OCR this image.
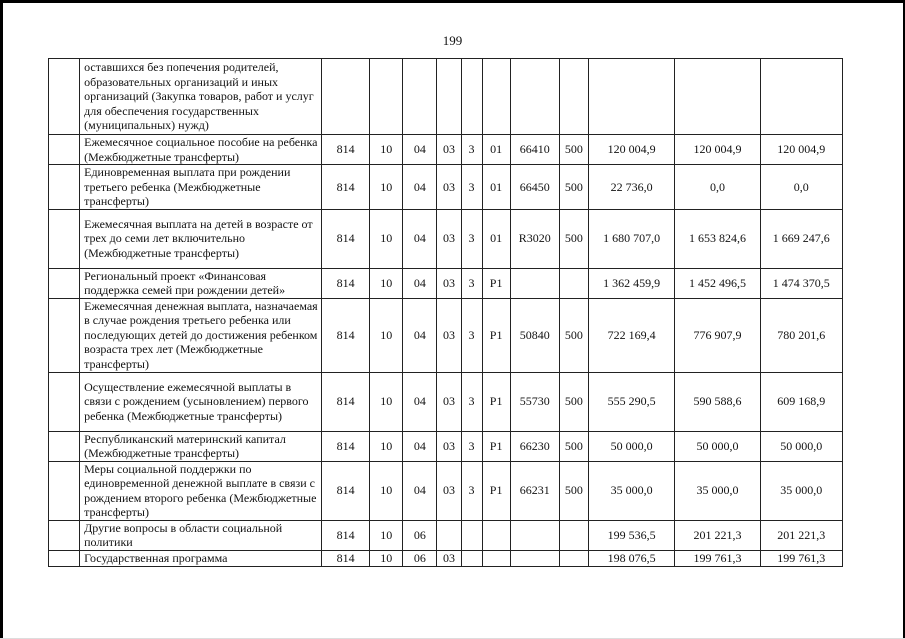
199
	оставшихся без попечения родителей, образовательных организаций и иных организаций (Закупка товаров, работ и услуг для обеспечения государственных (муниципальных) нужд)											
	Ежемесячное социальное пособие на ребенка (Межбюджетные трансферты)	814	10	04	03	3	01	66410	500	120 004,9	120 004,9	120 004,9
	Единовременная выплата при рождении третьего ребенка (Межбюджетные трансферты)	814	10	04	03	3	01	66450	500	22 736,0	0,0	0,0
	Ежемесячная выплата на детей в возрасте от трех до семи лет включительно (Межбюджетные трансферты)	814	10	04	03	3	01	R3020	500	1 680 707,0	1 653 824,6	1 669 247,6
	Региональный проект «Финансовая поддержка семей при рождении детей»	814	10	04	03	3	P1			1 362 459,9	1 452 496,5	1 474 370,5
	Ежемесячная денежная выплата, назначаемая в случае рождения третьего ребенка или последующих детей до достижения ребенком возраста трех лет (Межбюджетные трансферты)	814	10	04	03	3	P1	50840	500	722 169,4	776 907,9	780 201,6
	Осуществление ежемесячной выплаты в связи с рождением (усыновлением) первого ребенка (Межбюджетные трансферты)	814	10	04	03	3	P1	55730	500	555 290,5	590 588,6	609 168,9
	Республиканский материнский капитал (Межбюджетные трансферты)	814	10	04	03	3	P1	66230	500	50 000,0	50 000,0	50 000,0
	Меры социальной поддержки по единовременной денежной выплате в связи с рождением второго ребенка (Межбюджетные трансферты)	814	10	04	03	3	P1	66231	500	35 000,0	35 000,0	35 000,0
	Другие вопросы в области социальной политики	814	10	06						199 536,5	201 221,3	201 221,3
	Государственная программа	814	10	06	03					198 076,5	199 761,3	199 761,3
